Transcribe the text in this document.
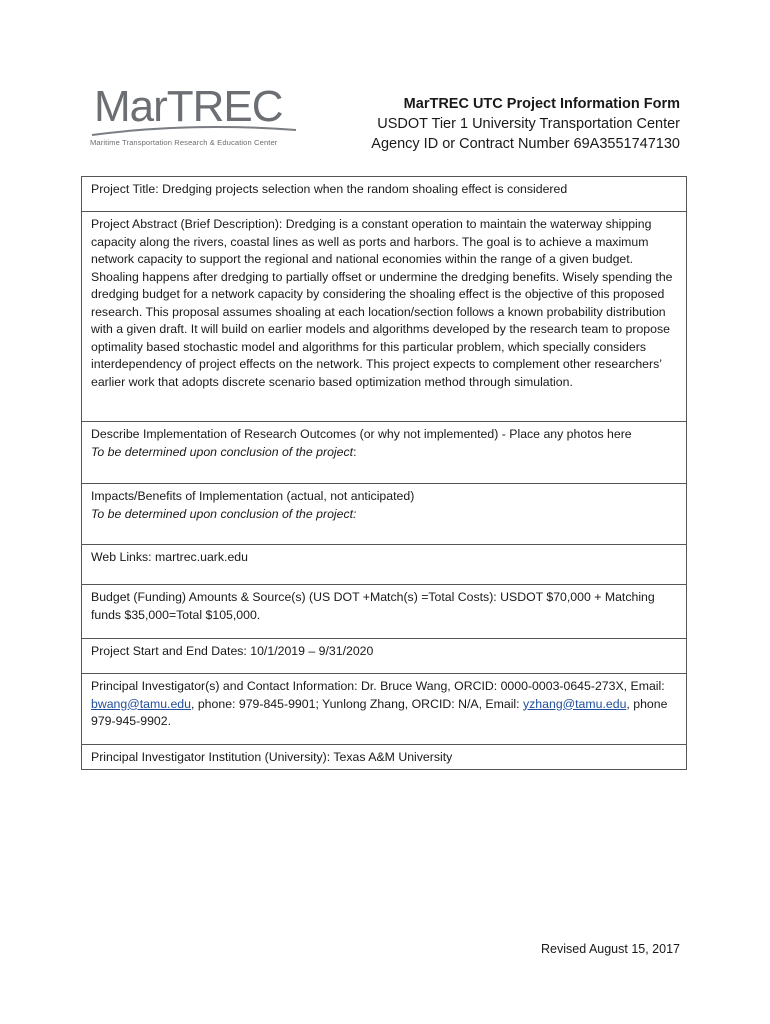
MarTREC
Maritime Transportation Research & Education Center
MarTREC UTC Project Information Form
USDOT Tier 1 University Transportation Center
Agency ID or Contract Number 69A3551747130
Project Title: Dredging projects selection when the random shoaling effect is considered
Project Abstract (Brief Description): Dredging is a constant operation to maintain the waterway shipping capacity along the rivers, coastal lines as well as ports and harbors. The goal is to achieve a maximum network capacity to support the regional and national economies within the range of a given budget. Shoaling happens after dredging to partially offset or undermine the dredging benefits. Wisely spending the dredging budget for a network capacity by considering the shoaling effect is the objective of this proposed research. This proposal assumes shoaling at each location/section follows a known probability distribution with a given draft. It will build on earlier models and algorithms developed by the research team to propose optimality based stochastic model and algorithms for this particular problem, which specially considers interdependency of project effects on the network. This project expects to complement other researchers’ earlier work that adopts discrete scenario based optimization method through simulation.
Describe Implementation of Research Outcomes (or why not implemented) - Place any photos here
To be determined upon conclusion of the project:
Impacts/Benefits of Implementation (actual, not anticipated)
To be determined upon conclusion of the project:
Web Links: martrec.uark.edu
Budget (Funding) Amounts & Source(s) (US DOT +Match(s) =Total Costs): USDOT $70,000 + Matching funds $35,000=Total $105,000.
Project Start and End Dates: 10/1/2019 – 9/31/2020
Principal Investigator(s) and Contact Information: Dr. Bruce Wang, ORCID: 0000-0003-0645-273X, Email: bwang@tamu.edu, phone: 979-845-9901; Yunlong Zhang, ORCID: N/A, Email: yzhang@tamu.edu, phone 979-945-9902.
Principal Investigator Institution (University): Texas A&M University
Revised August 15, 2017
